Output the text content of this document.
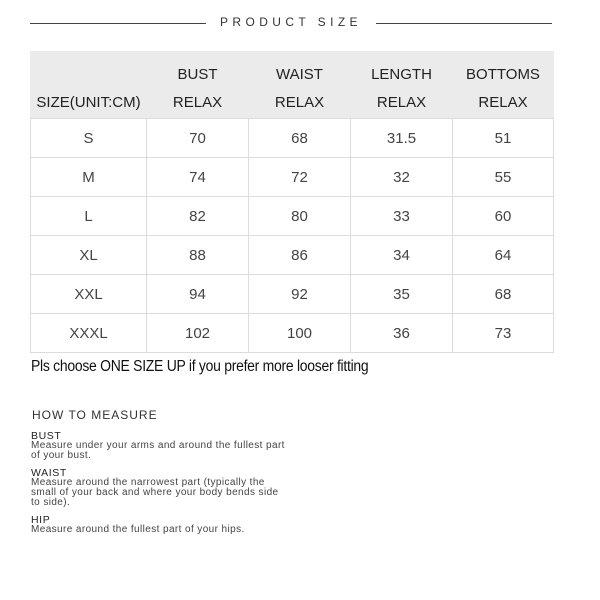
PRODUCT SIZE
	BUST	WAIST	LENGTH	BOTTOMS
SIZE(UNIT:CM)	RELAX	RELAX	RELAX	RELAX
S	70	68	31.5	51
M	74	72	32	55
L	82	80	33	60
XL	88	86	34	64
XXL	94	92	35	68
XXXL	102	100	36	73
Pls choose ONE SIZE UP if you prefer more looser fitting
HOW TO MEASURE
BUST
Measure under your arms and around the fullest part
of your bust.
WAIST
Measure around the narrowest part (typically the
small of your back and where your body bends side
to side).
HIP
Measure around the fullest part of your hips.
